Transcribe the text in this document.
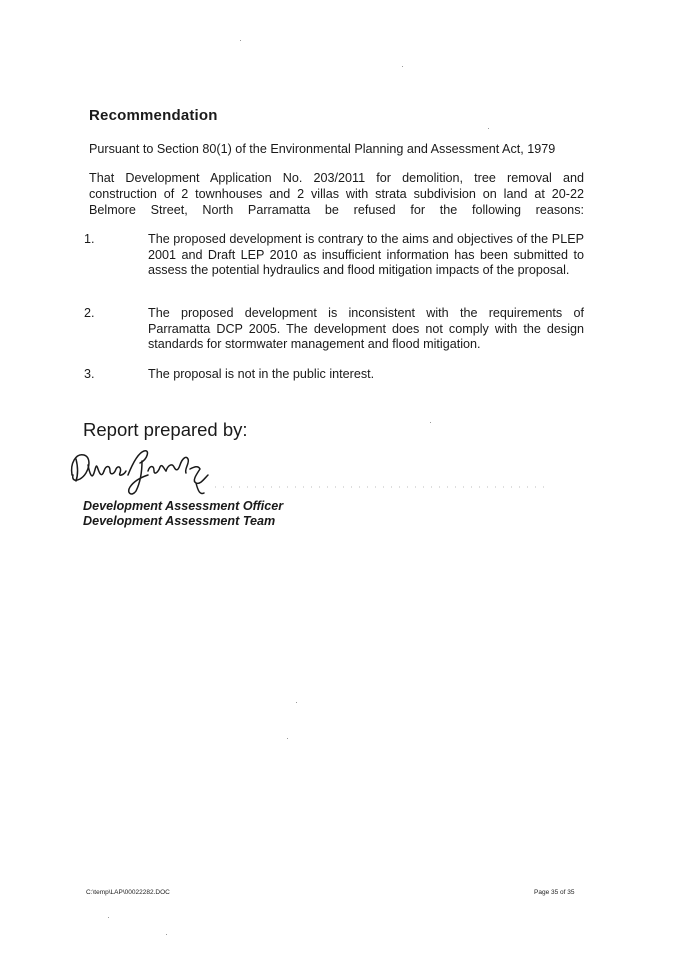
Recommendation
Pursuant to Section 80(1) of the Environmental Planning and Assessment Act, 1979
That Development Application No. 203/2011 for demolition, tree removal and construction of 2 townhouses and 2 villas with strata subdivision on land at 20-22 Belmore Street, North Parramatta be refused for the following reasons:
1.	The proposed development is contrary to the aims and objectives of the PLEP 2001 and Draft LEP 2010 as insufficient information has been submitted to assess the potential hydraulics and flood mitigation impacts of the proposal.
2.	The proposed development is inconsistent with the requirements of Parramatta DCP 2005. The development does not comply with the design standards for stormwater management and flood mitigation.
3.	The proposal is not in the public interest.
Report prepared by:
Development Assessment Officer
Development Assessment Team
C:\temp\LAP\00022282.DOC	Page 35 of 35
